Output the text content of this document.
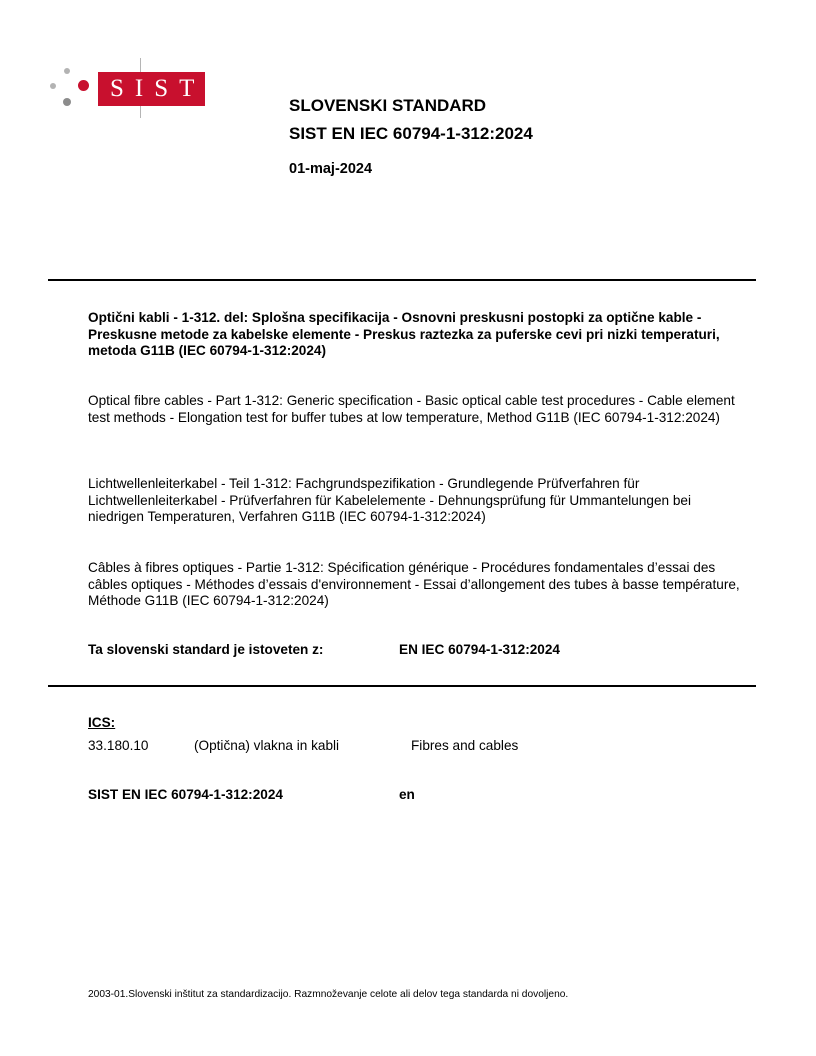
SIST
SLOVENSKI STANDARD
SIST EN IEC 60794-1-312:2024
01-maj-2024
Optični kabli - 1-312. del: Splošna specifikacija - Osnovni preskusni postopki za optične kable - Preskusne metode za kabelske elemente - Preskus raztezka za puferske cevi pri nizki temperaturi, metoda G11B (IEC 60794-1-312:2024)
Optical fibre cables - Part 1-312: Generic specification - Basic optical cable test procedures - Cable element test methods - Elongation test for buffer tubes at low temperature, Method G11B (IEC 60794-1-312:2024)
Lichtwellenleiterkabel - Teil 1-312: Fachgrundspezifikation - Grundlegende Prüfverfahren für Lichtwellenleiterkabel - Prüfverfahren für Kabelelemente - Dehnungsprüfung für Ummantelungen bei niedrigen Temperaturen, Verfahren G11B (IEC 60794-1-312:2024)
Câbles à fibres optiques - Partie 1-312: Spécification générique - Procédures fondamentales d’essai des câbles optiques - Méthodes d’essais d'environnement - Essai d’allongement des tubes à basse température, Méthode G11B (IEC 60794-1-312:2024)
Ta slovenski standard je istoveten z:	EN IEC 60794-1-312:2024
ICS:
33.180.10	(Optična) vlakna in kabli	Fibres and cables
SIST EN IEC 60794-1-312:2024	en
2003-01.Slovenski inštitut za standardizacijo. Razmnoževanje celote ali delov tega standarda ni dovoljeno.
